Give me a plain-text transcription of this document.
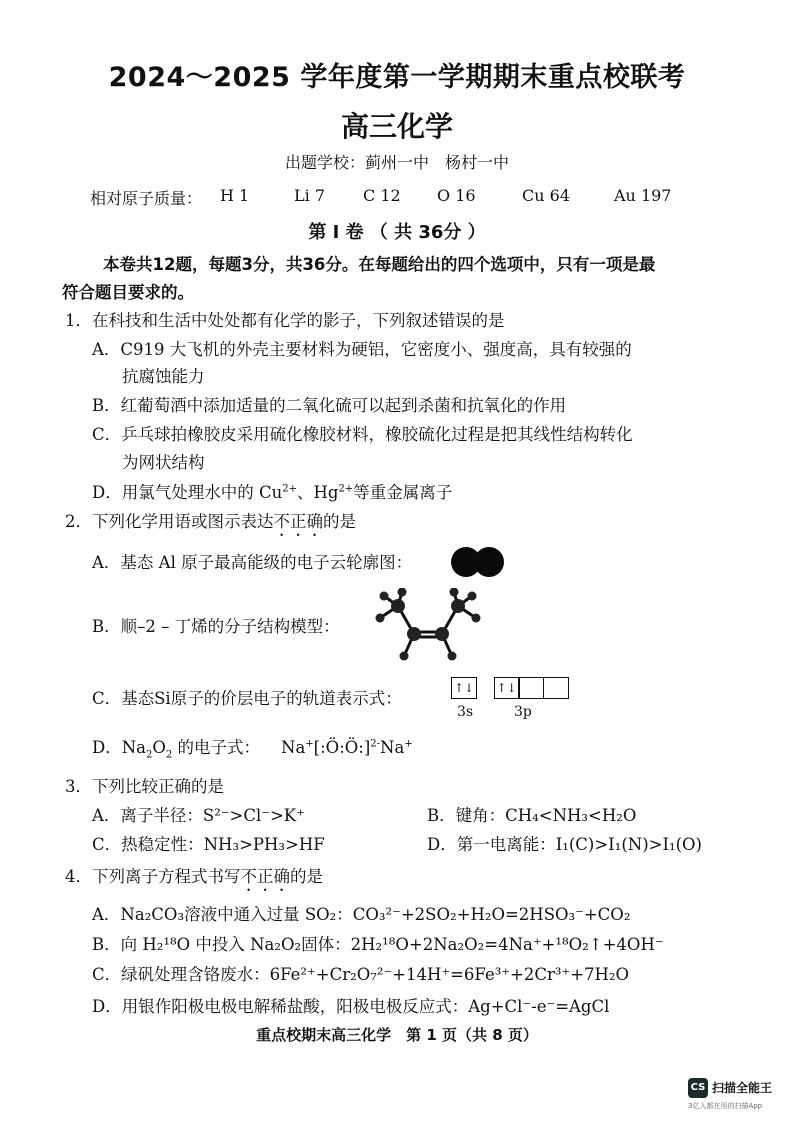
2024～2025 学年度第一学期期末重点校联考
高三化学
出题学校：蓟州一中　杨村一中
相对原子质量： H 1	Li 7 C 12 O 16	Cu 64	Au 197
第 I 卷 （ 共 36分 ）
本卷共12题，每题3分，共36分。在每题给出的四个选项中，只有一项是最
符合题目要求的。
1．在科技和生活中处处都有化学的影子，下列叙述错误的是
A．C919 大飞机的外壳主要材料为硬铝，它密度小、强度高，具有较强的
抗腐蚀能力
B．红葡萄酒中添加适量的二氧化硫可以起到杀菌和抗氧化的作用
C．乒乓球拍橡胶皮采用硫化橡胶材料，橡胶硫化过程是把其线性结构转化
为网状结构
D．用氯气处理水中的 $Cu^{2+}$、$Hg^{2+}$等重金属离子
2．下列化学用语或图示表达不正确的是
A．基态 Al 原子最高能级的电子云轮廓图：
B．顺–2 – 丁烯的分子结构模型：
C．基态Si原子的价层电子的轨道表示式：
↑↓ ↑↓
3s	3p
D．$Na_2O_2$ 的电子式： Na+[:Ö:Ö:]$^{2-}$Na+
3．下列比较正确的是
A．离子半径：S²⁻>Cl⁻>K⁺	B．键角：CH₄<NH₃<H₂O
C．热稳定性：NH₃>PH₃>HF	D．第一电离能：I₁(C)>I₁(N)>I₁(O)
4．下列离子方程式书写不正确的是
A．Na₂CO₃溶液中通入过量 SO₂：CO₃²⁻+2SO₂+H₂O=2HSO₃⁻+CO₂
B．向 H₂¹⁸O 中投入 Na₂O₂固体：2H₂¹⁸O+2Na₂O₂=4Na⁺+¹⁸O₂↑+4OH⁻
C．绿矾处理含铬废水：6Fe²⁺+Cr₂O₇²⁻+14H⁺=6Fe³⁺+2Cr³⁺+7H₂O
D．用银作阳极电极电解稀盐酸，阳极电极反应式：Ag+Cl⁻-e⁻=AgCl
重点校期末高三化学　第 1 页（共 8 页）
CS 扫描全能王
3亿人都在用的扫描App
